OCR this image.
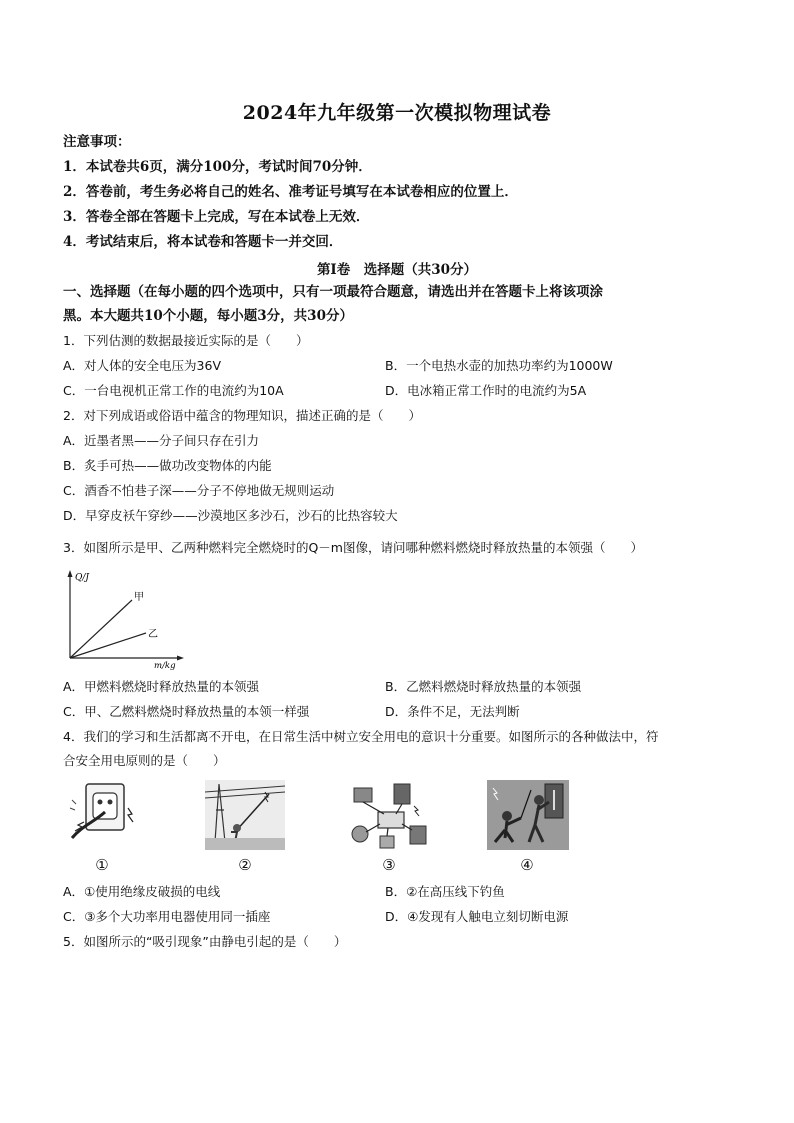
2024年九年级第一次模拟物理试卷
注意事项：
1．本试卷共6页，满分100分，考试时间70分钟．
2．答卷前，考生务必将自己的姓名、准考证号填写在本试卷相应的位置上．
3．答卷全部在答题卡上完成，写在本试卷上无效．
4．考试结束后，将本试卷和答题卡一并交回．
第Ⅰ卷　选择题（共30分）
一、选择题（在每小题的四个选项中，只有一项最符合题意，请选出并在答题卡上将该项涂
黑。本大题共10个小题，每小题3分，共30分）
1．下列估测的数据最接近实际的是（　　）
A．对人体的安全电压为36V	B．一个电热水壶的加热功率约为1000W
C．一台电视机正常工作的电流约为10A	D．电冰箱正常工作时的电流约为5A
2．对下列成语或俗语中蕴含的物理知识，描述正确的是（　　）
A．近墨者黑——分子间只存在引力
B．炙手可热——做功改变物体的内能
C．酒香不怕巷子深——分子不停地做无规则运动
D．早穿皮袄午穿纱——沙漠地区多沙石，沙石的比热容较大
3．如图所示是甲、乙两种燃料完全燃烧时的Q－m图像，请问哪种燃料燃烧时释放热量的本领强（　　）
Q/J
甲
乙
m/kg
A．甲燃料燃烧时释放热量的本领强	B．乙燃料燃烧时释放热量的本领强
C．甲、乙燃料燃烧时释放热量的本领一样强	D．条件不足，无法判断
4．我们的学习和生活都离不开电，在日常生活中树立安全用电的意识十分重要。如图所示的各种做法中，符
合安全用电原则的是（　　）
①	②	③	④
A．①使用绝缘皮破损的电线	B．②在高压线下钓鱼
C．③多个大功率用电器使用同一插座	D．④发现有人触电立刻切断电源
5．如图所示的“吸引现象”由静电引起的是（　　）
